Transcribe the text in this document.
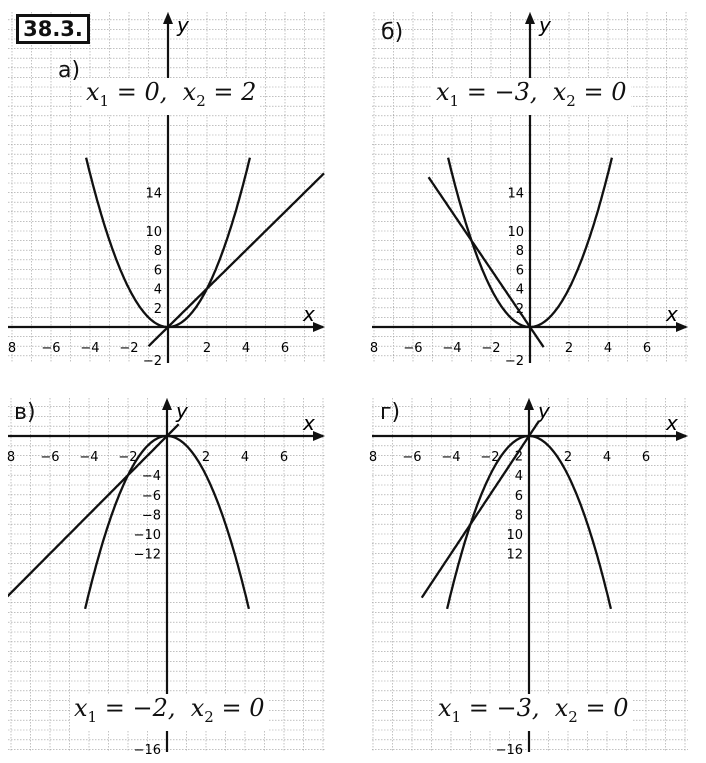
x
y
8 −6 −4 −2	2 4 6
2
4
6
8
10
14
−2
x
y
8 −6 −4 −2	2 4 6
2
4
6
8
10
14
−2
x
y
8 −6 −4 −2	2 4 6
−4
−6
−8
−10
−12
−16
x
y
8 −6 −4 −2	2 4 6
2
4
6
8
10
12
−16
38.3.
а)
б)
в)	г)
$x_1 = 0$,  $x_2 = 2$	$x_1 = -3$,  $x_2 = 0$
$x_1 = -2$,  $x_2 = 0$	$x_1 = -3$,  $x_2 = 0$
